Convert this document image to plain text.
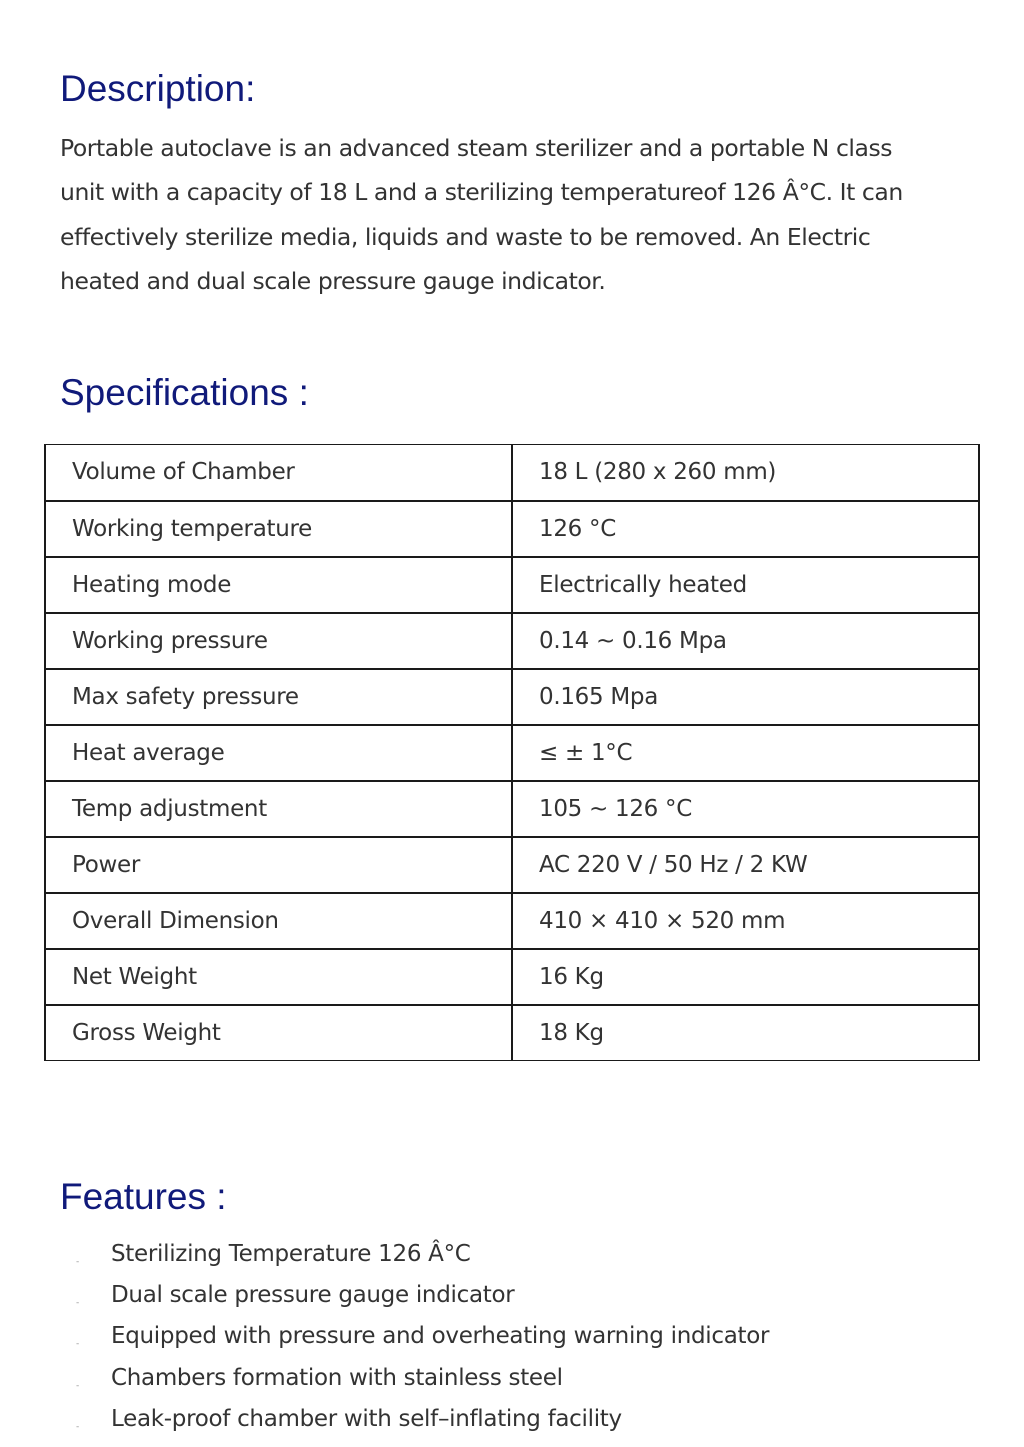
Description:

Portable autoclave is an advanced steam sterilizer and a portable N class
unit with a capacity of 18 L and a sterilizing temperatureof 126 Â°C. It can
effectively sterilize media, liquids and waste to be removed. An Electric
heated and dual scale pressure gauge indicator.

Specifications :
Volume of Chamber	18 L (280 x 260 mm)
Working temperature	126 °C
Heating mode	Electrically heated
Working pressure	0.14 ~ 0.16 Mpa
Max safety pressure	0.165 Mpa
Heat average	≤ ± 1°C
Temp adjustment	105 ~ 126 °C
Power	AC 220 V / 50 Hz / 2 KW
Overall Dimension	410 × 410 × 520 mm
Net Weight	16 Kg
Gross Weight	18 Kg
Features :
- Sterilizing Temperature 126 Â°C
- Dual scale pressure gauge indicator
- Equipped with pressure and overheating warning indicator
- Chambers formation with stainless steel
- Leak-proof chamber with self–inflating facility
